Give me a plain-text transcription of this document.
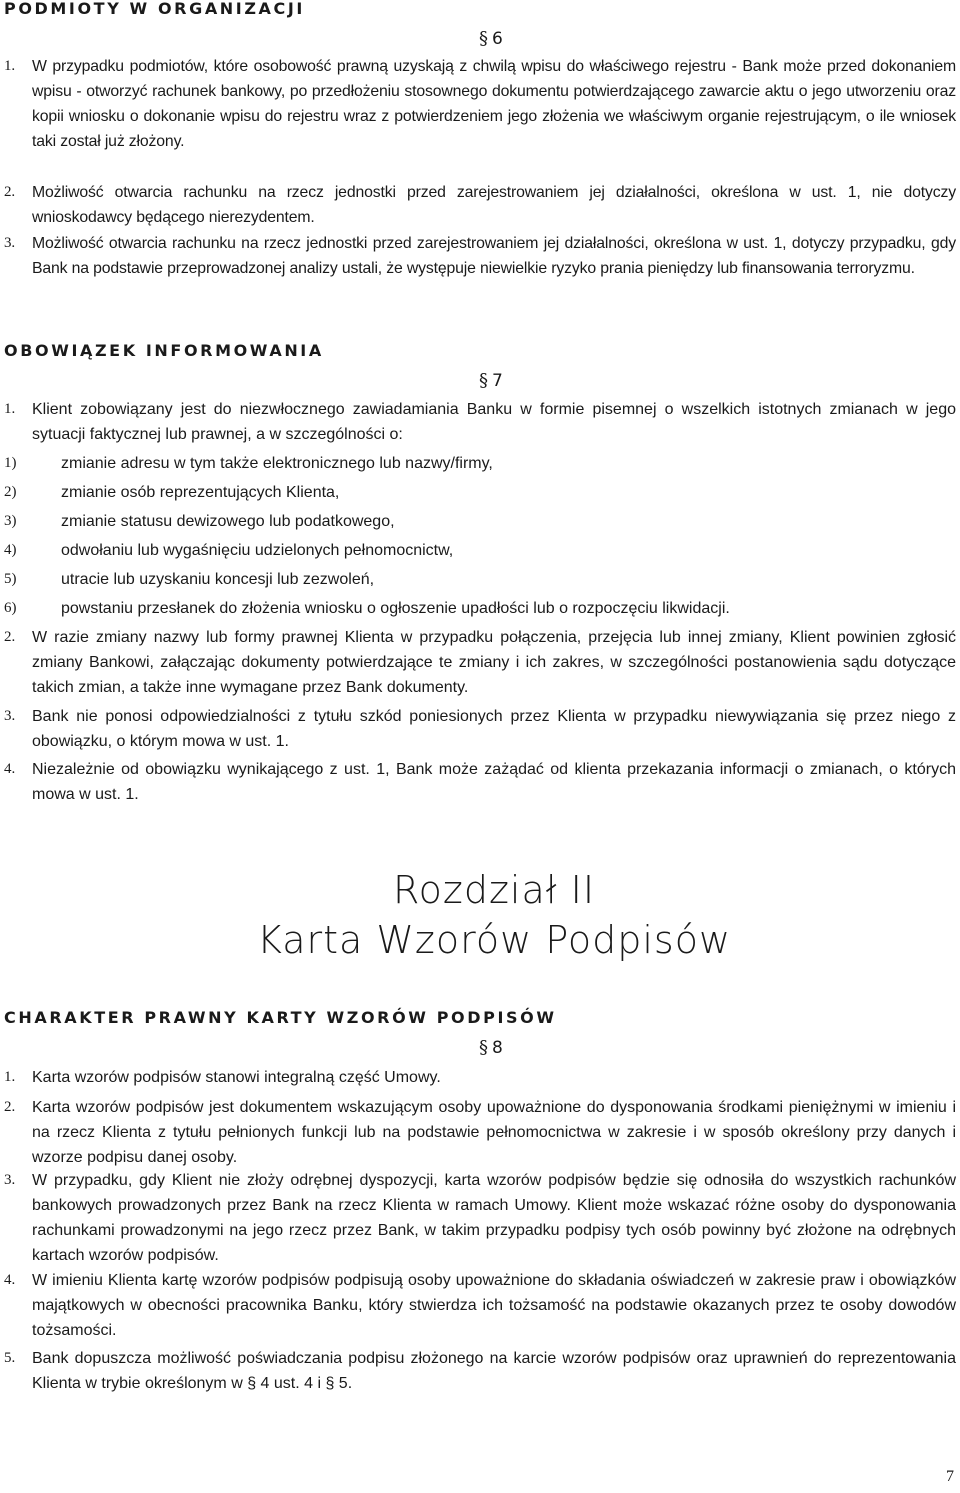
PODMIOTY W ORGANIZACJI
§ 6
1.	W przypadku podmiotów, które osobowość prawną uzyskają z chwilą wpisu do właściwego rejestru - Bank może przed dokonaniem wpisu - otworzyć rachunek bankowy, po przedłożeniu stosownego dokumentu potwierdzającego zawarcie aktu o jego utworzeniu oraz kopii wniosku o dokonanie wpisu do rejestru wraz z potwierdzeniem jego złożenia we właściwym organie rejestrującym, o ile wniosek taki został już złożony.
2.	Możliwość otwarcia rachunku na rzecz jednostki przed zarejestrowaniem jej działalności, określona w ust. 1, nie dotyczy wnioskodawcy będącego nierezydentem.
3.	Możliwość otwarcia rachunku na rzecz jednostki przed zarejestrowaniem jej działalności, określona w ust. 1, dotyczy przypadku, gdy Bank na podstawie przeprowadzonej analizy ustali, że występuje niewielkie ryzyko prania pieniędzy lub finansowania terroryzmu.
OBOWIĄZEK INFORMOWANIA
§ 7
1.	Klient zobowiązany jest do niezwłocznego zawiadamiania Banku w formie pisemnej o wszelkich istotnych zmianach w jego sytuacji faktycznej lub prawnej, a w szczególności o:
1)	zmianie adresu w tym także elektronicznego lub nazwy/firmy,
2)	zmianie osób reprezentujących Klienta,
3)	zmianie statusu dewizowego lub podatkowego,
4)	odwołaniu lub wygaśnięciu udzielonych pełnomocnictw,
5)	utracie lub uzyskaniu koncesji lub zezwoleń,
6)	powstaniu przesłanek do złożenia wniosku o ogłoszenie upadłości lub o rozpoczęciu likwidacji.
2.	W razie zmiany nazwy lub formy prawnej Klienta w przypadku połączenia, przejęcia lub innej zmiany, Klient powinien zgłosić zmiany Bankowi, załączając dokumenty potwierdzające te zmiany i ich zakres, w szczególności postanowienia sądu dotyczące takich zmian, a także inne wymagane przez Bank dokumenty.
3.	Bank nie ponosi odpowiedzialności z tytułu szkód poniesionych przez Klienta w przypadku niewywiązania się przez niego z obowiązku, o którym mowa w ust. 1.
4.	Niezależnie od obowiązku wynikającego z ust. 1, Bank może zażądać od klienta przekazania informacji o zmianach, o których mowa w ust. 1.
Rozdział II
Karta Wzorów Podpisów
CHARAKTER PRAWNY KARTY WZORÓW PODPISÓW
§ 8
1.	Karta wzorów podpisów stanowi integralną część Umowy.
2.	Karta wzorów podpisów jest dokumentem wskazującym osoby upoważnione do dysponowania środkami pieniężnymi w imieniu i na rzecz Klienta z tytułu pełnionych funkcji lub na podstawie pełnomocnictwa w zakresie i w sposób określony przy danych i wzorze podpisu danej osoby.
3.	W przypadku, gdy Klient nie złoży odrębnej dyspozycji, karta wzorów podpisów będzie się odnosiła do wszystkich rachunków bankowych prowadzonych przez Bank na rzecz Klienta w ramach Umowy. Klient może wskazać różne osoby do dysponowania rachunkami prowadzonymi na jego rzecz przez Bank, w takim przypadku podpisy tych osób powinny być złożone na odrębnych kartach wzorów podpisów.
4.	W imieniu Klienta kartę wzorów podpisów podpisują osoby upoważnione do składania oświadczeń w zakresie praw i obowiązków majątkowych w obecności pracownika Banku, który stwierdza ich tożsamość na podstawie okazanych przez te osoby dowodów tożsamości.
5.	Bank dopuszcza możliwość poświadczania podpisu złożonego na karcie wzorów podpisów oraz uprawnień do reprezentowania Klienta w trybie określonym w § 4 ust. 4 i § 5.
7
